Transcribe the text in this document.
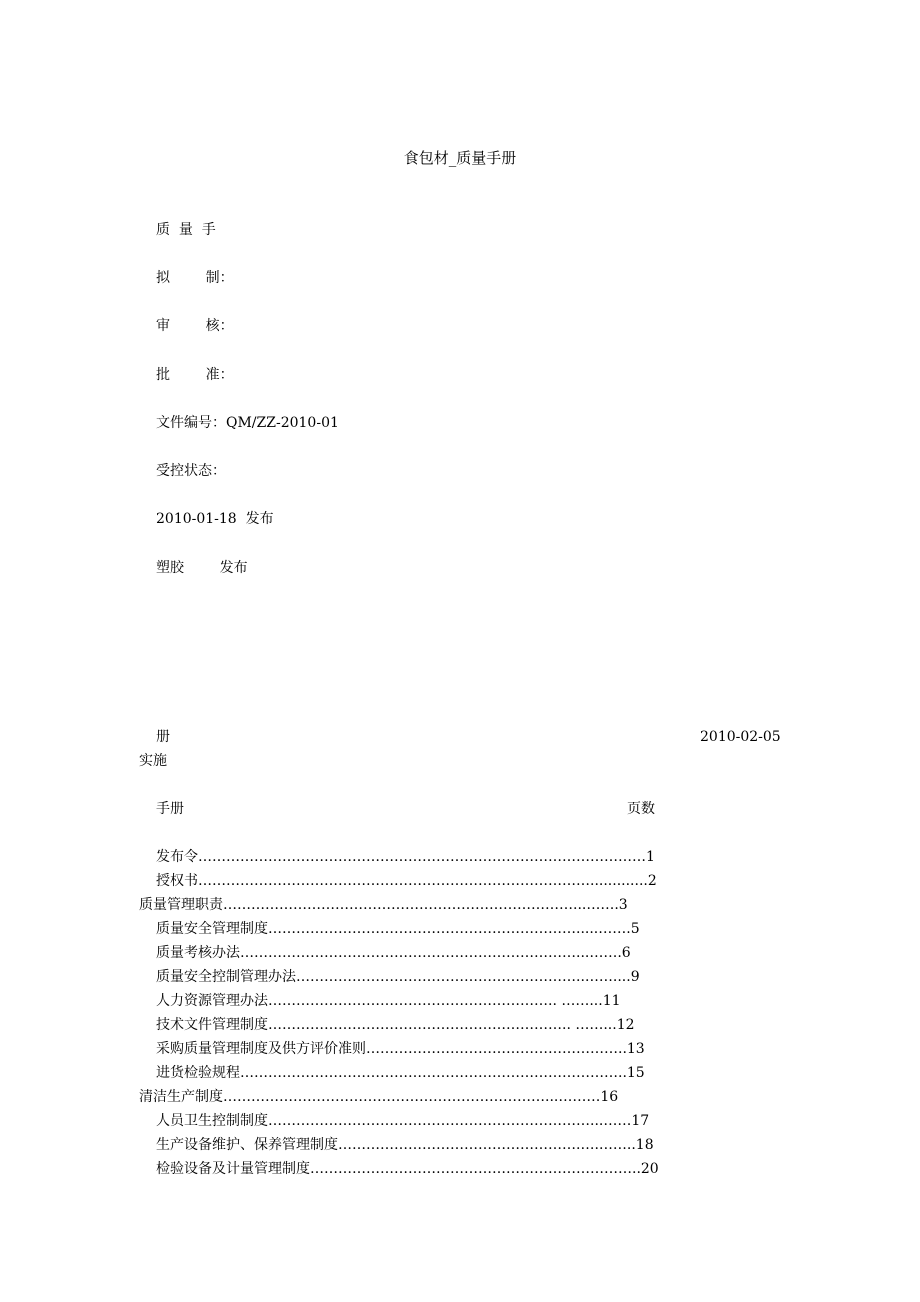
食包材_质量手册
质  量  手
拟        制：
审        核：
批        准：
文件编号：QM/ZZ-2010-01
受控状态：
2010-01-18  发布
塑胶        发布
册	2010-02-05
实施
手册	页数
发布令……………………………………………………………………………………1
授权书………………………………………………………………………….............2
质量管理职责…………………………………………………………………...…….3
质量安全管理制度………………………………………………………….....…….5
质量考核办法………………………………………………………………...…….6
质量安全控制管理办法……………………………………………………..……....9
人力资源管理办法…………………………………………………….. ……...11
技术文件管理制度……………………………………………………….. ……...12
采购质量管理制度及供方评价准则………………………………………………..13
进货检验规程………………………………………………………………………..15
清洁生产制度……………………………………………………………...………16
人员卫生控制制度……………………………………………………………...……17
生产设备维护、保养管理制度…………………………………………….….……..18
检验设备及计量管理制度……………………………………………………………..20
